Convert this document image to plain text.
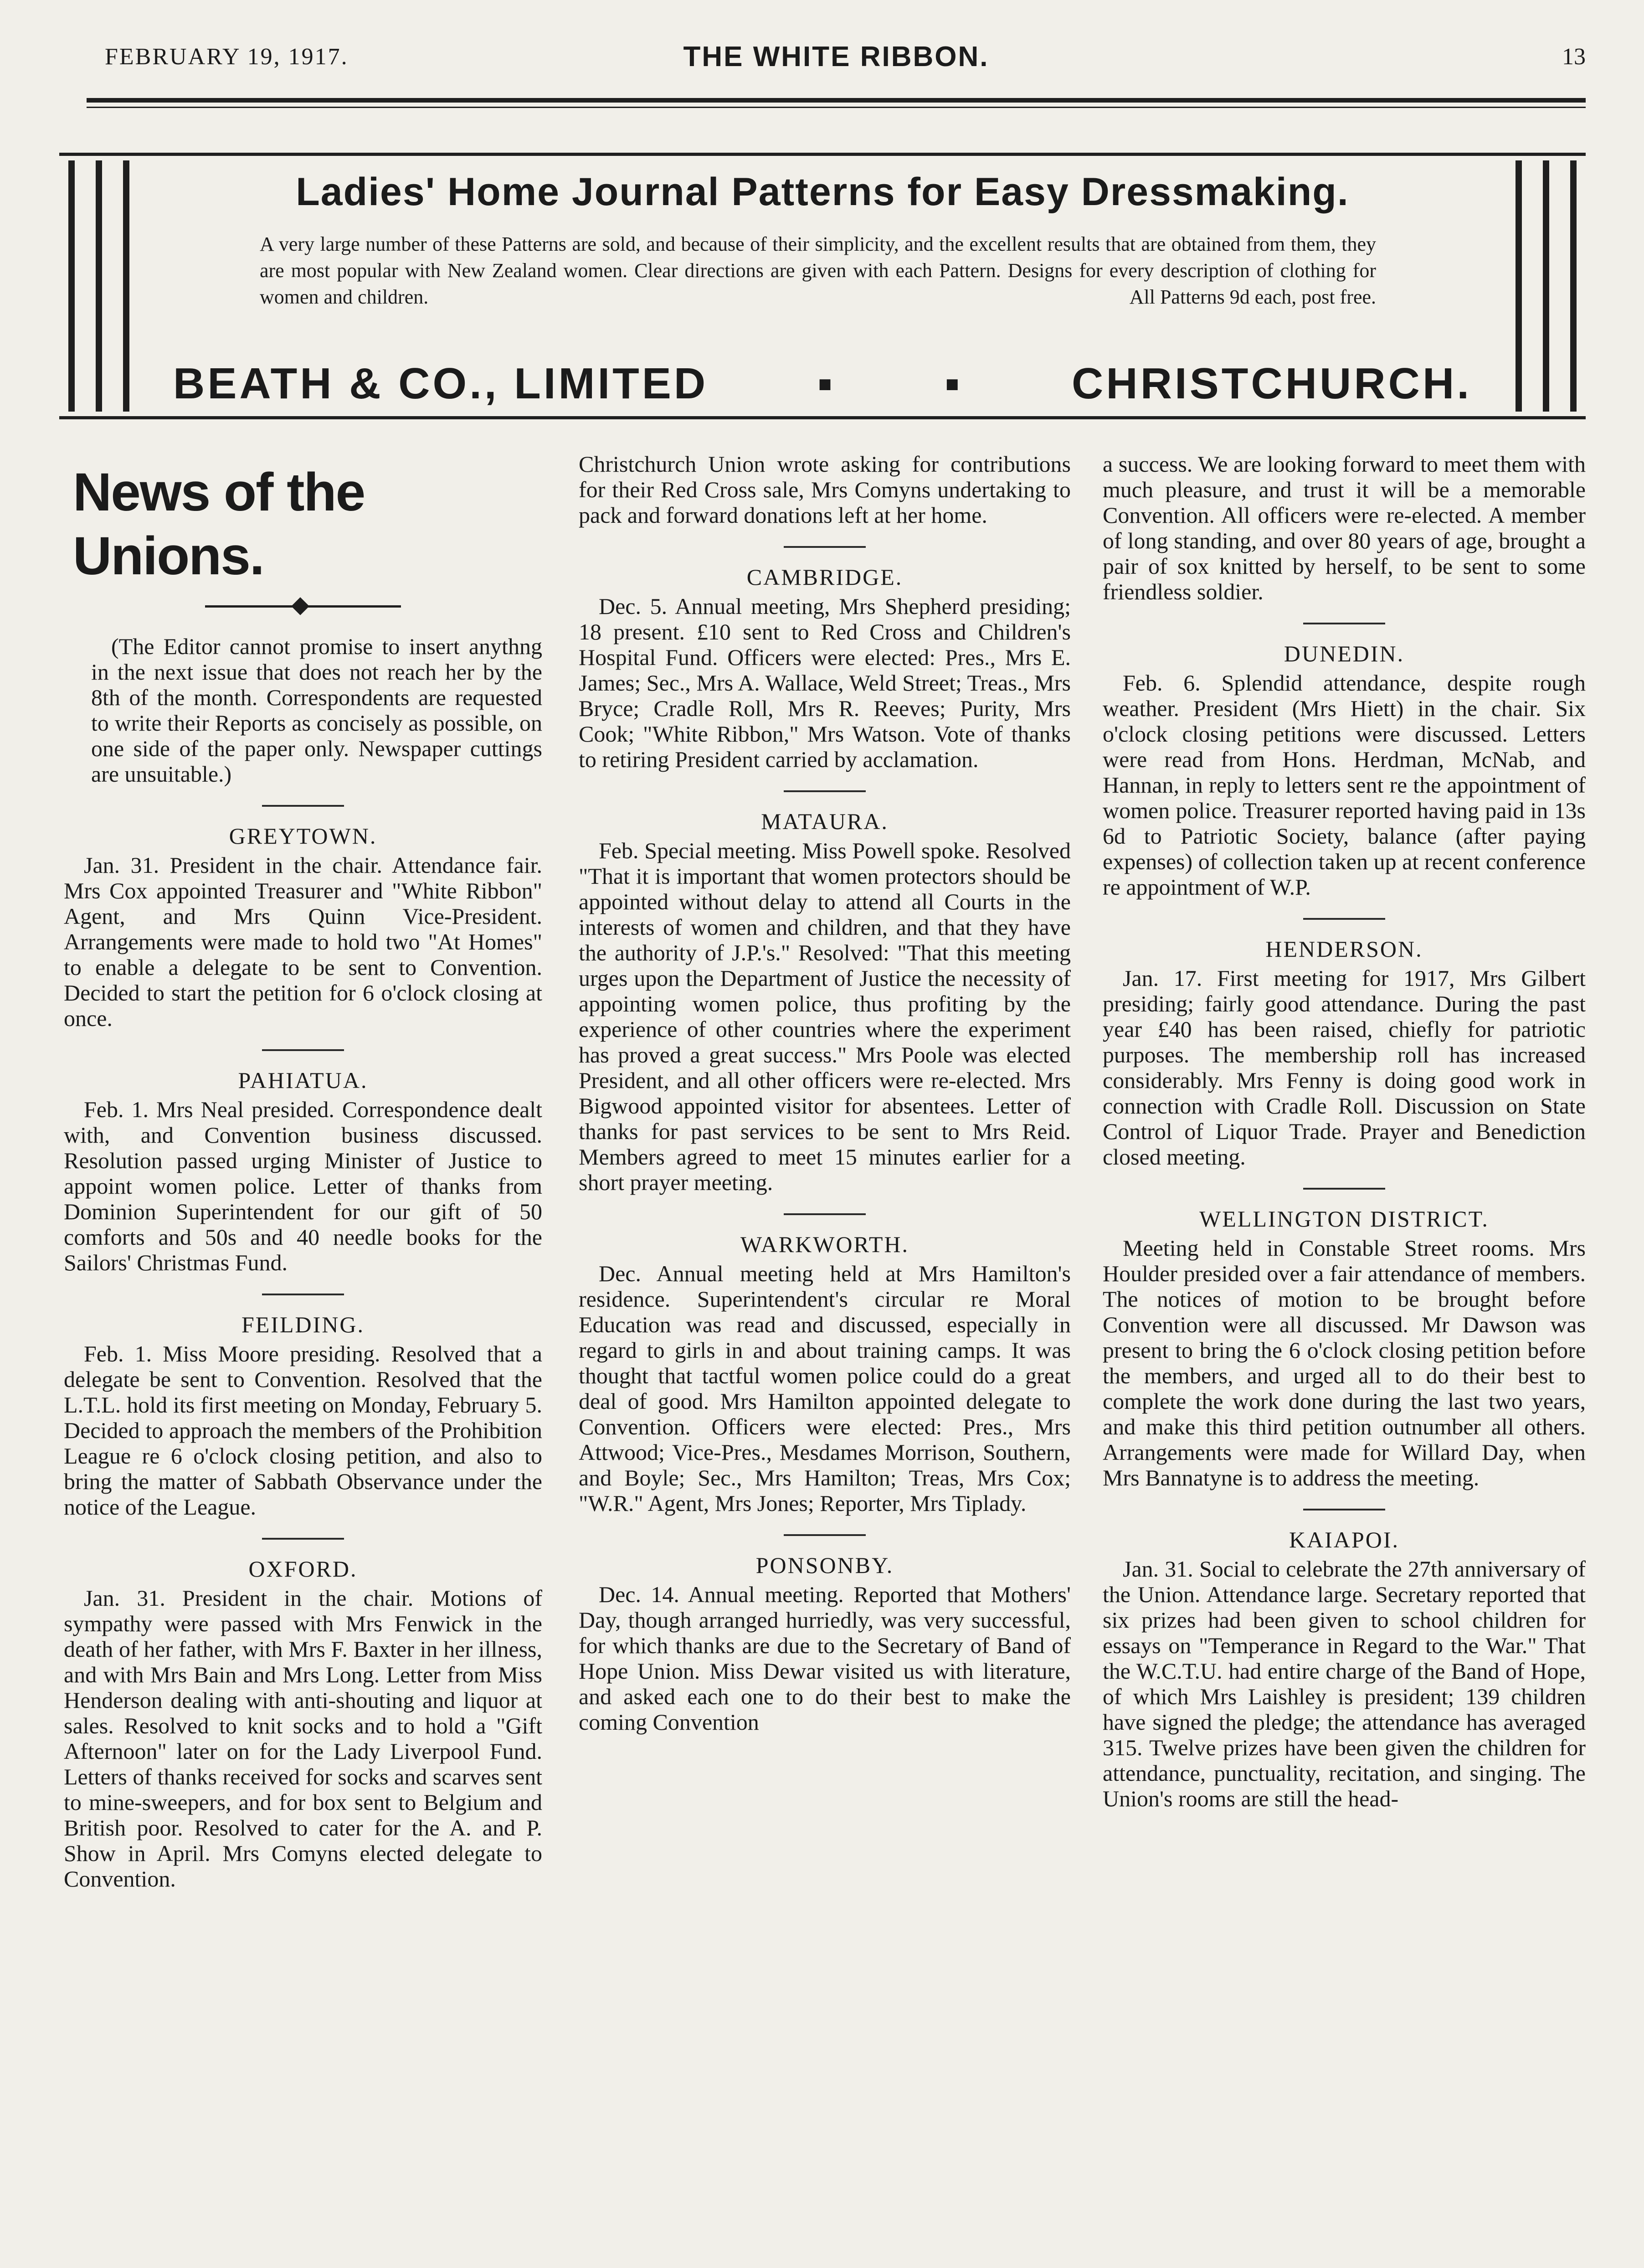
FEBRUARY 19, 1917.	THE WHITE RIBBON.	13
Ladies' Home Journal Patterns for Easy Dressmaking.
A very large number of these Patterns are sold, and because of their simplicity, and the excellent results that are obtained from them, they are most popular with New Zealand women. Clear directions are given with each Pattern. Designs for every description of clothing for women and children.	All Patterns 9d each, post free.
BEATH & CO., LIMITED ▪ ▪ CHRISTCHURCH.
News of the Unions.

(The Editor cannot promise to insert anythng in the next issue that does not reach her by the 8th of the month. Correspondents are requested to write their Reports as concisely as possible, on one side of the paper only. Newspaper cuttings are unsuitable.)

GREYTOWN.

Jan. 31. President in the chair. Attendance fair. Mrs Cox appointed Treasurer and "White Ribbon" Agent, and Mrs Quinn Vice-President. Arrangements were made to hold two "At Homes" to enable a delegate to be sent to Convention. Decided to start the petition for 6 o'clock closing at once.

PAHIATUA.

Feb. 1. Mrs Neal presided. Correspondence dealt with, and Convention business discussed. Resolution passed urging Minister of Justice to appoint women police. Letter of thanks from Dominion Superintendent for our gift of 50 comforts and 50s and 40 needle books for the Sailors' Christmas Fund.

FEILDING.

Feb. 1. Miss Moore presiding. Resolved that a delegate be sent to Convention. Resolved that the L.T.L. hold its first meeting on Monday, February 5. Decided to approach the members of the Prohibition League re 6 o'clock closing petition, and also to bring the matter of Sabbath Observance under the notice of the League.

OXFORD.

Jan. 31. President in the chair. Motions of sympathy were passed with Mrs Fenwick in the death of her father, with Mrs F. Baxter in her illness, and with Mrs Bain and Mrs Long. Letter from Miss Henderson dealing with anti-shouting and liquor at sales. Resolved to knit socks and to hold a "Gift Afternoon" later on for the Lady Liverpool Fund. Letters of thanks received for socks and scarves sent to mine-sweepers, and for box sent to Belgium and British poor. Resolved to cater for the A. and P. Show in April. Mrs Comyns elected delegate to Convention.

Christchurch Union wrote asking for contributions for their Red Cross sale, Mrs Comyns undertaking to pack and forward donations left at her home.

CAMBRIDGE.

Dec. 5. Annual meeting, Mrs Shepherd presiding; 18 present. £10 sent to Red Cross and Children's Hospital Fund. Officers were elected: Pres., Mrs E. James; Sec., Mrs A. Wallace, Weld Street; Treas., Mrs Bryce; Cradle Roll, Mrs R. Reeves; Purity, Mrs Cook; "White Ribbon," Mrs Watson. Vote of thanks to retiring President carried by acclamation.

MATAURA.

Feb. Special meeting. Miss Powell spoke. Resolved "That it is important that women protectors should be appointed without delay to attend all Courts in the interests of women and children, and that they have the authority of J.P.'s." Resolved: "That this meeting urges upon the Department of Justice the necessity of appointing women police, thus profiting by the experience of other countries where the experiment has proved a great success." Mrs Poole was elected President, and all other officers were re-elected. Mrs Bigwood appointed visitor for absentees. Letter of thanks for past services to be sent to Mrs Reid. Members agreed to meet 15 minutes earlier for a short prayer meeting.

WARKWORTH.

Dec. Annual meeting held at Mrs Hamilton's residence. Superintendent's circular re Moral Education was read and discussed, especially in regard to girls in and about training camps. It was thought that tactful women police could do a great deal of good. Mrs Hamilton appointed delegate to Convention. Officers were elected: Pres., Mrs Attwood; Vice-Pres., Mesdames Morrison, Southern, and Boyle; Sec., Mrs Hamilton; Treas, Mrs Cox; "W.R." Agent, Mrs Jones; Reporter, Mrs Tiplady.

PONSONBY.

Dec. 14. Annual meeting. Reported that Mothers' Day, though arranged hurriedly, was very successful, for which thanks are due to the Secretary of Band of Hope Union. Miss Dewar visited us with literature, and asked each one to do their best to make the coming Convention

a success. We are looking forward to meet them with much pleasure, and trust it will be a memorable Convention. All officers were re-elected. A member of long standing, and over 80 years of age, brought a pair of sox knitted by herself, to be sent to some friendless soldier.

DUNEDIN.

Feb. 6. Splendid attendance, despite rough weather. President (Mrs Hiett) in the chair. Six o'clock closing petitions were discussed. Letters were read from Hons. Herdman, McNab, and Hannan, in reply to letters sent re the appointment of women police. Treasurer reported having paid in 13s 6d to Patriotic Society, balance (after paying expenses) of collection taken up at recent conference re appointment of W.P.

HENDERSON.

Jan. 17. First meeting for 1917, Mrs Gilbert presiding; fairly good attendance. During the past year £40 has been raised, chiefly for patriotic purposes. The membership roll has increased considerably. Mrs Fenny is doing good work in connection with Cradle Roll. Discussion on State Control of Liquor Trade. Prayer and Benediction closed meeting.

WELLINGTON DISTRICT.

Meeting held in Constable Street rooms. Mrs Houlder presided over a fair attendance of members. The notices of motion to be brought before Convention were all discussed. Mr Dawson was present to bring the 6 o'clock closing petition before the members, and urged all to do their best to complete the work done during the last two years, and make this third petition outnumber all others. Arrangements were made for Willard Day, when Mrs Bannatyne is to address the meeting.

KAIAPOI.

Jan. 31. Social to celebrate the 27th anniversary of the Union. Attendance large. Secretary reported that six prizes had been given to school children for essays on "Temperance in Regard to the War." That the W.C.T.U. had entire charge of the Band of Hope, of which Mrs Laishley is president; 139 children have signed the pledge; the attendance has averaged 315. Twelve prizes have been given the children for attendance, punctuality, recitation, and singing. The Union's rooms are still the head-
